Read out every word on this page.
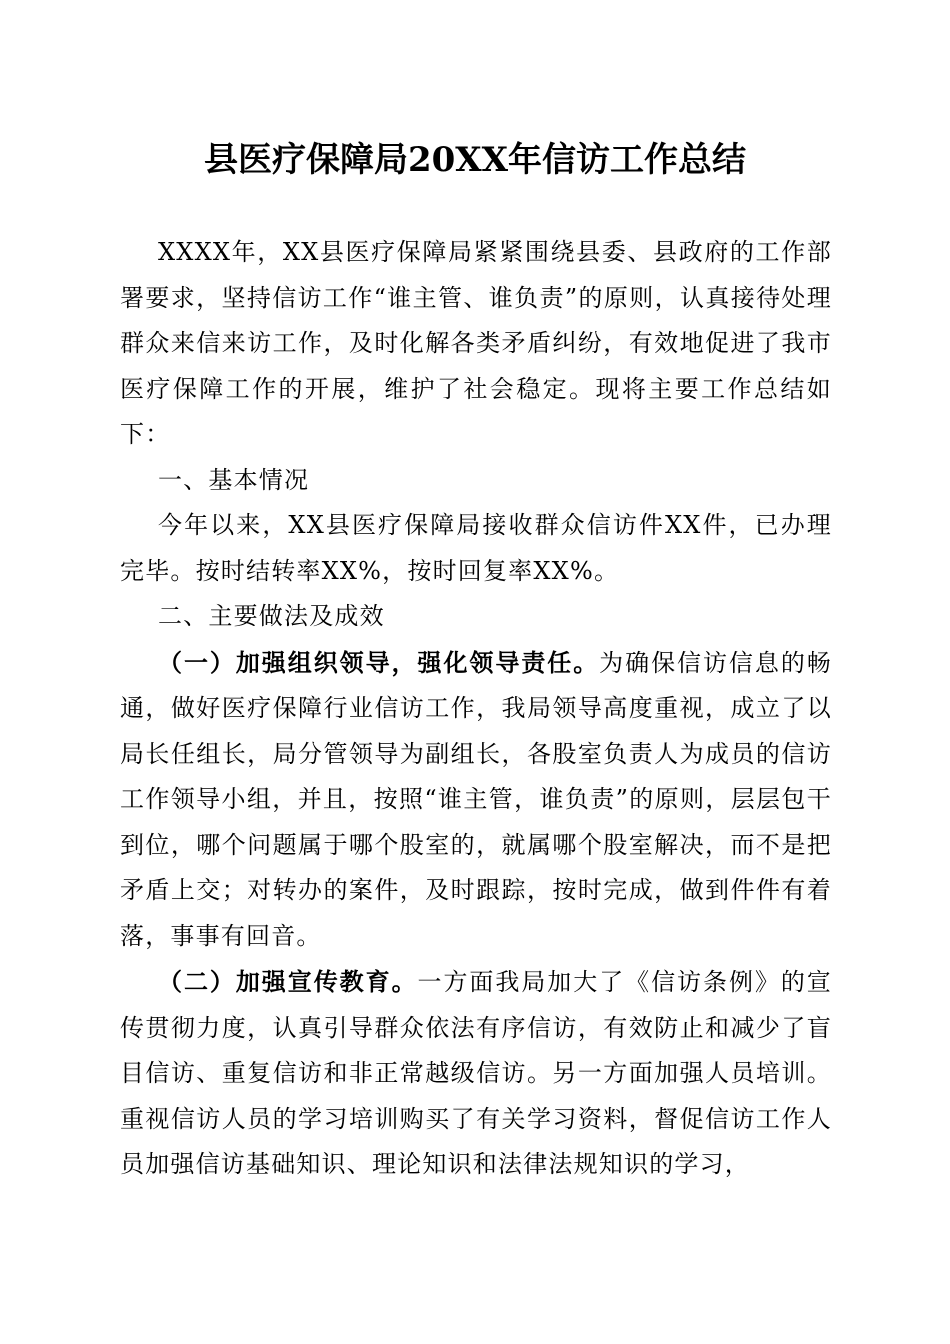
县医疗保障局20XX年信访工作总结

XXXX年，XX县医疗保障局紧紧围绕县委、县政府的工作部署要求，坚持信访工作“谁主管、谁负责”的原则，认真接待处理群众来信来访工作，及时化解各类矛盾纠纷，有效地促进了我市医疗保障工作的开展，维护了社会稳定。现将主要工作总结如下：

一、基本情况

今年以来，XX县医疗保障局接收群众信访件XX件，已办理完毕。按时结转率XX%，按时回复率XX%。

二、主要做法及成效

（一）加强组织领导，强化领导责任。为确保信访信息的畅通，做好医疗保障行业信访工作，我局领导高度重视，成立了以局长任组长，局分管领导为副组长，各股室负责人为成员的信访工作领导小组，并且，按照“谁主管，谁负责”的原则，层层包干到位，哪个问题属于哪个股室的，就属哪个股室解决，而不是把矛盾上交；对转办的案件，及时跟踪，按时完成，做到件件有着落，事事有回音。

（二）加强宣传教育。一方面我局加大了《信访条例》的宣传贯彻力度，认真引导群众依法有序信访，有效防止和减少了盲目信访、重复信访和非正常越级信访。另一方面加强人员培训。重视信访人员的学习培训购买了有关学习资料，督促信访工作人员加强信访基础知识、理论知识和法律法规知识的学习，
